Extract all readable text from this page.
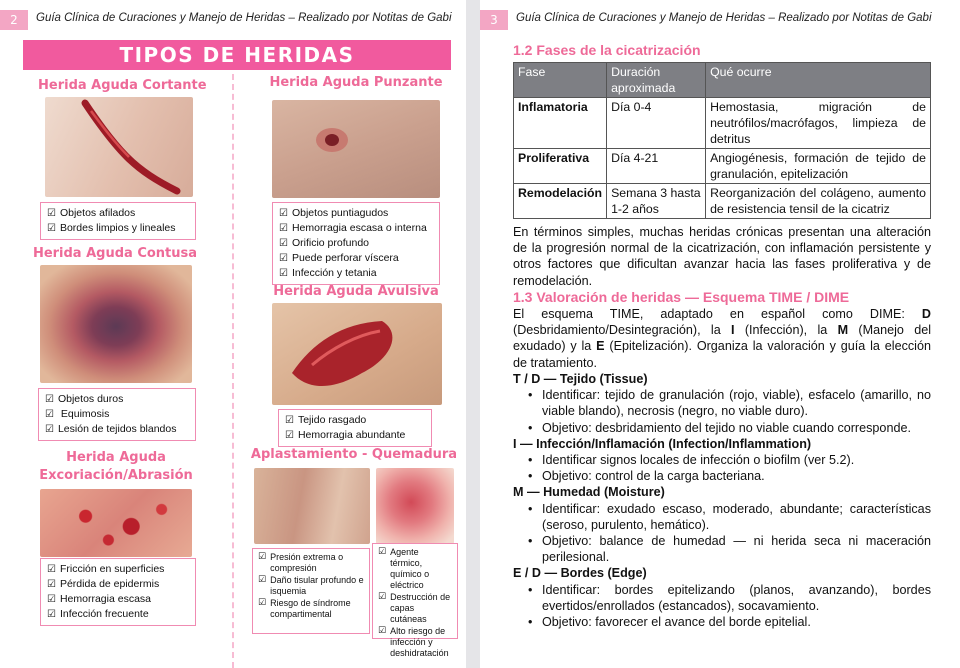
2	Guía Clínica de Curaciones y Manejo de Heridas – Realizado por Notitas de Gabi
TIPOS DE HERIDAS
Herida Aguda Cortante
☑ Objetos afilados
☑ Bordes limpios y lineales
Herida Aguda Contusa
☑ Objetos duros
☑ Equimosis
☑ Lesión de tejidos blandos
Herida Aguda
Excoriación/Abrasión
☑ Fricción en superficies
☑ Pérdida de epidermis
☑ Hemorragia escasa
☑ Infección frecuente
Herida Aguda Punzante
☑ Objetos puntiagudos
☑ Hemorragia escasa o interna
☑ Orificio profundo
☑ Puede perforar víscera
☑ Infección y tetania
Herida Aguda Avulsiva
☑ Tejido rasgado
☑ Hemorragia abundante
Aplastamiento - Quemadura
☑ Presión extrema o compresión
☑ Daño tisular profundo e isquemia
☑ Riesgo de síndrome compartimental
☑ Agente térmico, químico o eléctrico
☑ Destrucción de capas cutáneas
☑ Alto riesgo de infección y deshidratación
3	Guía Clínica de Curaciones y Manejo de Heridas – Realizado por Notitas de Gabi
1.2 Fases de la cicatrización
Fase	Duración aproximada	Qué ocurre
Inflamatoria	Día 0-4	Hemostasia, migración de neutrófilos/macrófagos, limpieza de detritus
Proliferativa	Día 4-21	Angiogénesis, formación de tejido de granulación, epitelización
Remodelación	Semana 3 hasta 1-2 años	Reorganización del colágeno, aumento de resistencia tensil de la cicatriz
En términos simples, muchas heridas crónicas presentan una alteración de la progresión normal de la cicatrización, con inflamación persistente y otros factores que dificultan avanzar hacia las fases proliferativa y de remodelación.
1.3 Valoración de heridas — Esquema TIME / DIME
El esquema TIME, adaptado en español como DIME: D (Desbridamiento/Desintegración), la I (Infección), la M (Manejo del exudado) y la E (Epitelización). Organiza la valoración y guía la elección de tratamiento.
T / D — Tejido (Tissue)
• Identificar: tejido de granulación (rojo, viable), esfacelo (amarillo, no viable blando), necrosis (negro, no viable duro).
• Objetivo: desbridamiento del tejido no viable cuando corresponde.
I — Infección/Inflamación (Infection/Inflammation)
• Identificar signos locales de infección o biofilm (ver 5.2).
• Objetivo: control de la carga bacteriana.
M — Humedad (Moisture)
• Identificar: exudado escaso, moderado, abundante; características (seroso, purulento, hemático).
• Objetivo: balance de humedad — ni herida seca ni maceración perilesional.
E / D — Bordes (Edge)
• Identificar: bordes epitelizando (planos, avanzando), bordes evertidos/enrollados (estancados), socavamiento.
• Objetivo: favorecer el avance del borde epitelial.
